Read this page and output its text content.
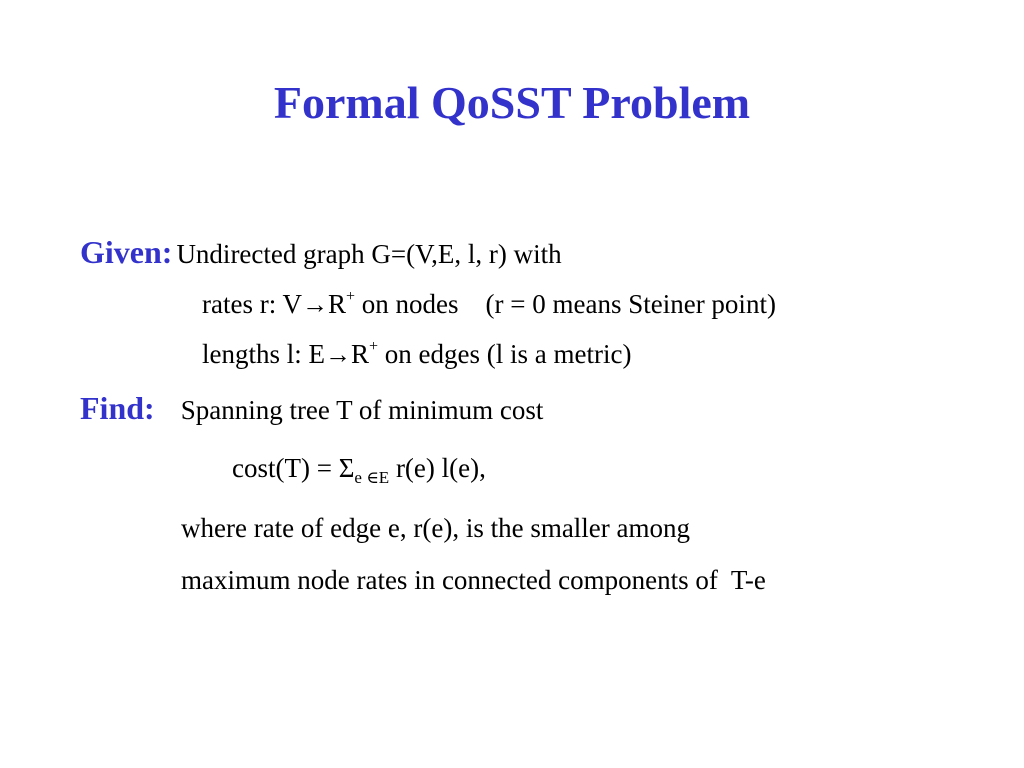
Formal QoSST Problem
Given: Undirected graph G=(V,E, l, r) with
rates r: V→R+ on nodes    (r = 0 means Steiner point)
lengths l: E→R+ on edges (l is a metric)
Find: Spanning tree T of minimum cost
$\cos t(T) = \Sigma_{e \in E}$ r(e) l(e),
where rate of edge e, r(e), is the smaller among
maximum node rates in connected components of  T-e
